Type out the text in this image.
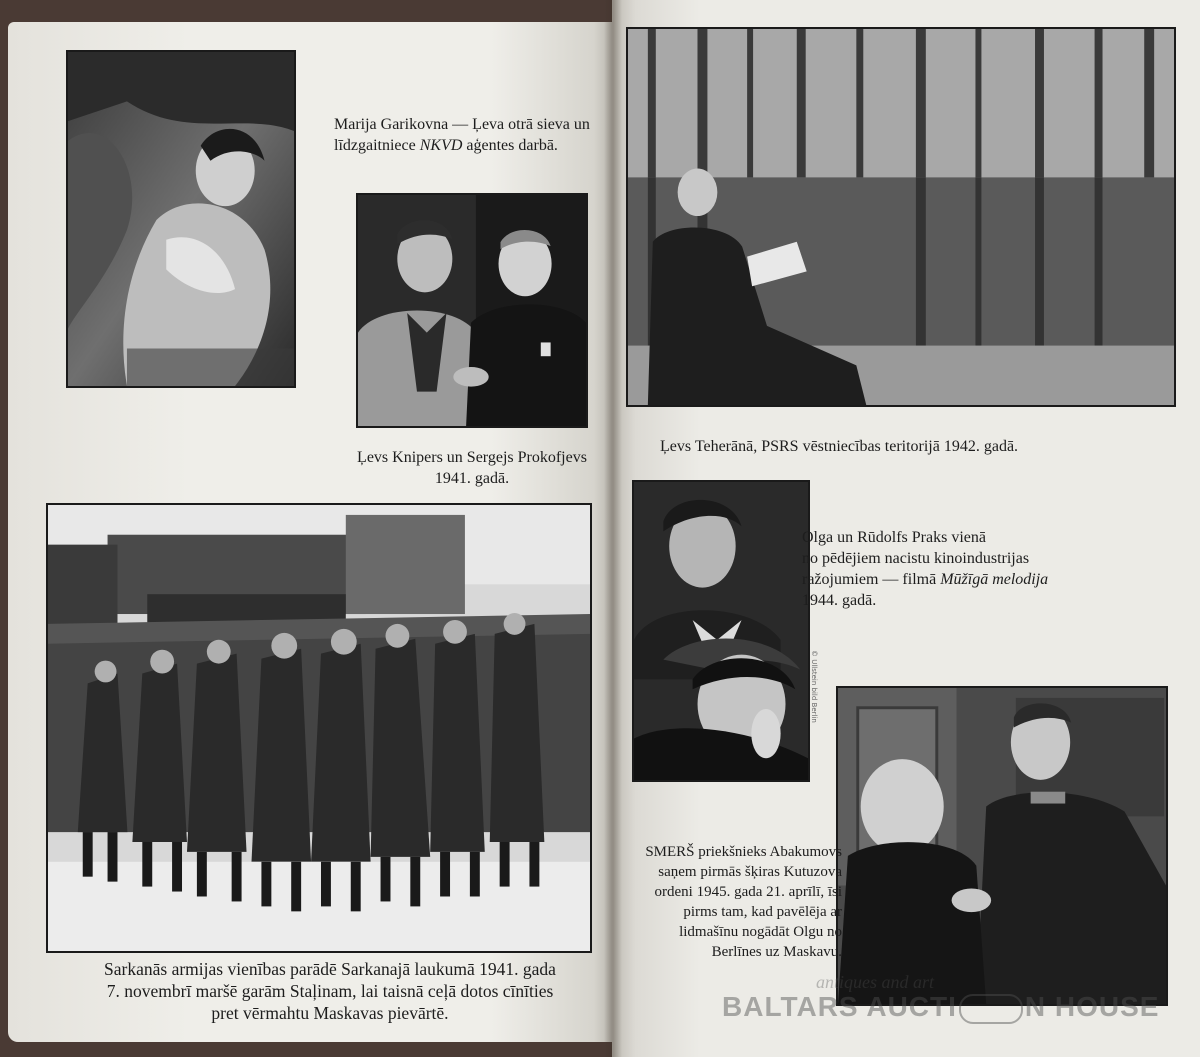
Marija Garikovna — Ļeva otrā sieva un
līdzgaitniece NKVD aģentes darbā.
Ļevs Knipers un Sergejs Prokofjevs
1941. gadā.
Sarkanās armijas vienības parādē Sarkanajā laukumā 1941. gada
7. novembrī maršē garām Staļinam, lai taisnā ceļā dotos cīnīties
pret vērmahtu Maskavas pievārtē.
Ļevs Teherānā, PSRS vēstniecības teritorijā 1942. gadā.
© Ullstein bild Berlin
Olga un Rūdolfs Praks vienā
no pēdējiem nacistu kinoindustrijas
ražojumiem — filmā Mūžīgā melodija
1944. gadā.
SMERŠ priekšnieks Abakumovs
saņem pirmās šķiras Kutuzova
ordeni 1945. gada 21. aprīlī, īsi
pirms tam, kad pavēlēja ar
lidmašīnu nogādāt Olgu no
Berlīnes uz Maskavu.
antiques and art
BALTARS AUCTI N HOUSE
